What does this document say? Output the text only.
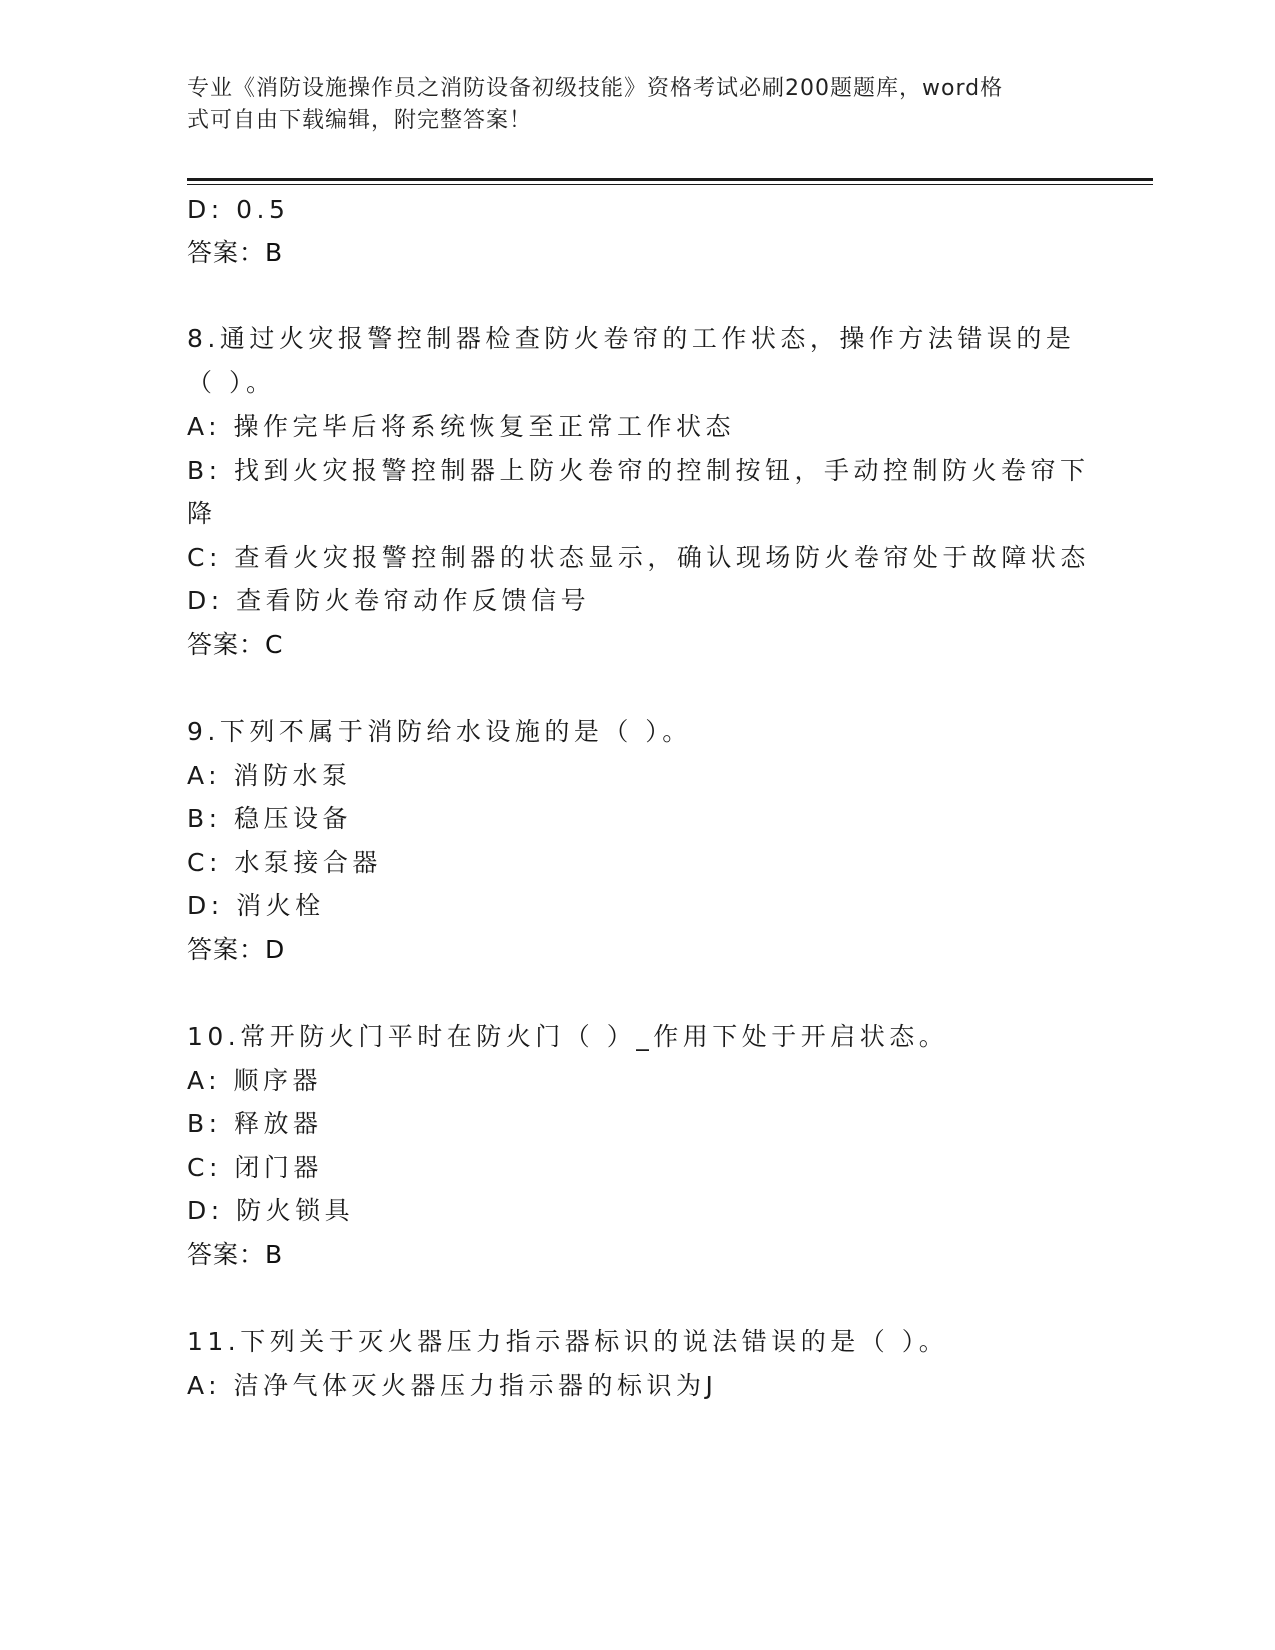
专业《消防设施操作员之消防设备初级技能》资格考试必刷200题题库，word格
式可自由下载编辑，附完整答案！
D: 0.5
答案：B
8.通过火灾报警控制器检查防火卷帘的工作状态，操作方法错误的是
（ ）。
A: 操作完毕后将系统恢复至正常工作状态
B: 找到火灾报警控制器上防火卷帘的控制按钮，手动控制防火卷帘下
降
C: 查看火灾报警控制器的状态显示，确认现场防火卷帘处于故障状态
D: 查看防火卷帘动作反馈信号
答案：C
9.下列不属于消防给水设施的是（ ）。
A: 消防水泵
B: 稳压设备
C: 水泵接合器
D: 消火栓
答案：D
10.常开防火门平时在防火门（ ）_作用下处于开启状态。
A: 顺序器
B: 释放器
C: 闭门器
D: 防火锁具
答案：B
11.下列关于灭火器压力指示器标识的说法错误的是（ ）。
A: 洁净气体灭火器压力指示器的标识为J
